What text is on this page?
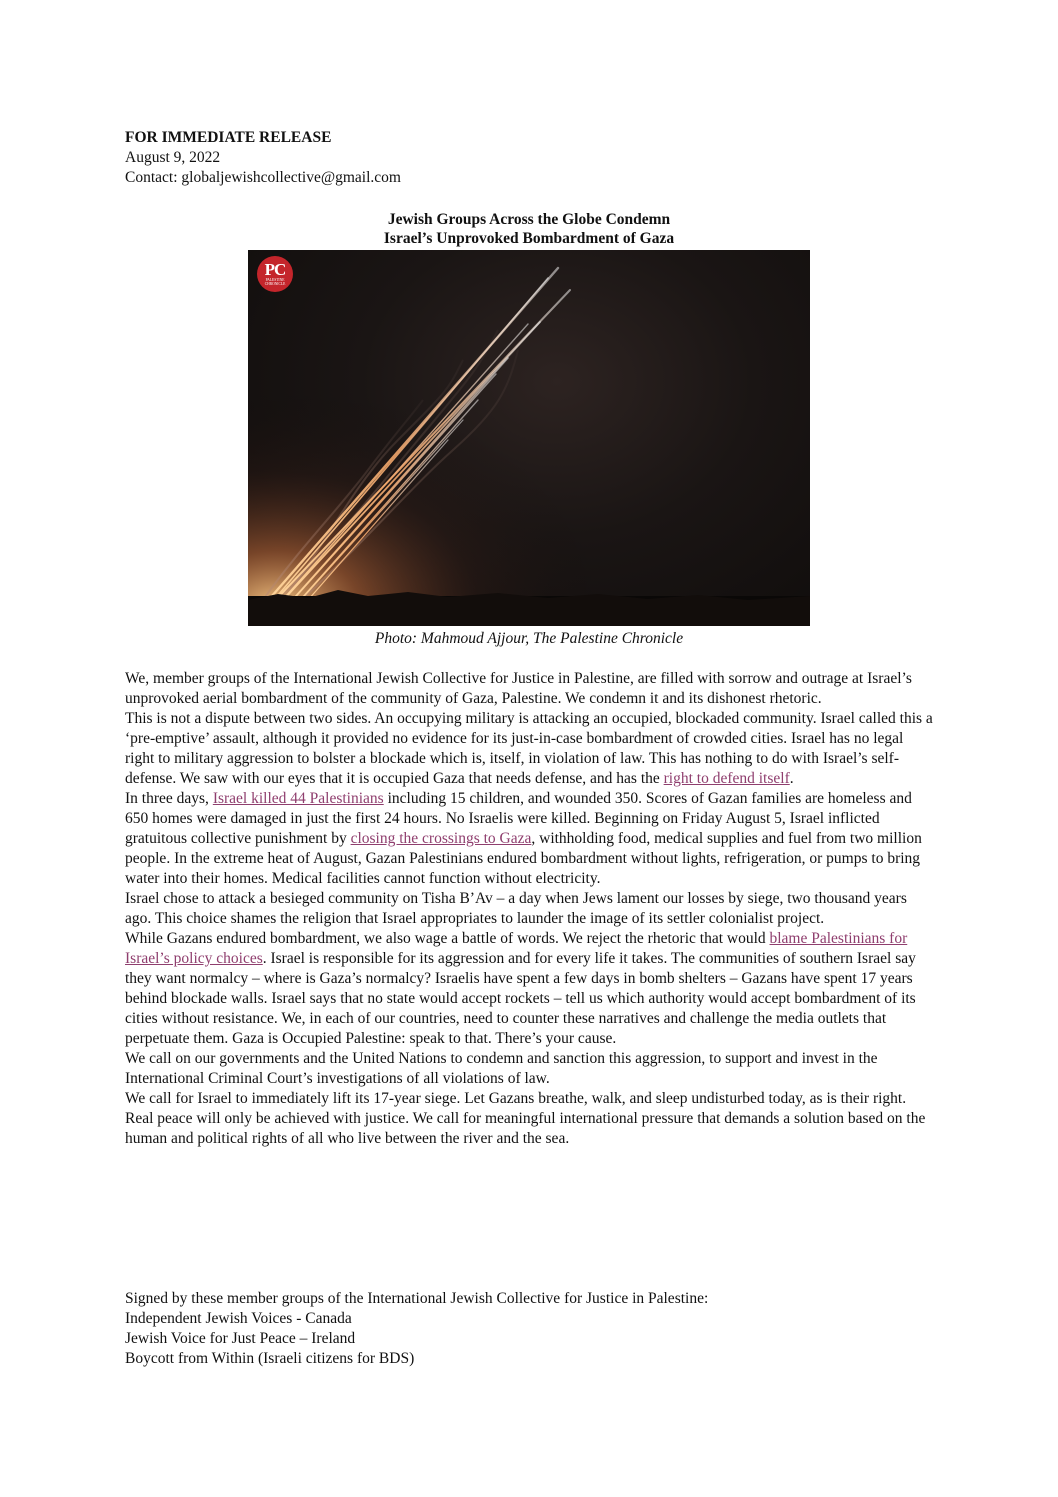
FOR IMMEDIATE RELEASE
August 9, 2022
Contact: globaljewishcollective@gmail.com
Jewish Groups Across the Globe Condemn
Israel’s Unprovoked Bombardment of Gaza
PC
PALESTINE CHRONICLE
Photo: Mahmoud Ajjour, The Palestine Chronicle

We, member groups of the International Jewish Collective for Justice in Palestine, are filled with sorrow and outrage at Israel’s unprovoked aerial bombardment of the community of Gaza, Palestine. We condemn it and its dishonest rhetoric.

This is not a dispute between two sides. An occupying military is attacking an occupied, blockaded community. Israel called this a ‘pre-emptive’ assault, although it provided no evidence for its just-in-case bombardment of crowded cities. Israel has no legal right to military aggression to bolster a blockade which is, itself, in violation of law. This has nothing to do with Israel’s self-defense. We saw with our eyes that it is occupied Gaza that needs defense, and has the right to defend itself.

In three days, Israel killed 44 Palestinians including 15 children, and wounded 350. Scores of Gazan families are homeless and 650 homes were damaged in just the first 24 hours. No Israelis were killed. Beginning on Friday August 5, Israel inflicted gratuitous collective punishment by closing the crossings to Gaza, withholding food, medical supplies and fuel from two million people. In the extreme heat of August, Gazan Palestinians endured bombardment without lights, refrigeration, or pumps to bring water into their homes. Medical facilities cannot function without electricity.

Israel chose to attack a besieged community on Tisha B’Av – a day when Jews lament our losses by siege, two thousand years ago. This choice shames the religion that Israel appropriates to launder the image of its settler colonialist project.

While Gazans endured bombardment, we also wage a battle of words. We reject the rhetoric that would blame Palestinians for Israel’s policy choices. Israel is responsible for its aggression and for every life it takes. The communities of southern Israel say they want normalcy – where is Gaza’s normalcy? Israelis have spent a few days in bomb shelters – Gazans have spent 17 years behind blockade walls. Israel says that no state would accept rockets – tell us which authority would accept bombardment of its cities without resistance. We, in each of our countries, need to counter these narratives and challenge the media outlets that perpetuate them. Gaza is Occupied Palestine: speak to that. There’s your cause.

We call on our governments and the United Nations to condemn and sanction this aggression, to support and invest in the International Criminal Court’s investigations of all violations of law.

We call for Israel to immediately lift its 17-year siege. Let Gazans breathe, walk, and sleep undisturbed today, as is their right. Real peace will only be achieved with justice. We call for meaningful international pressure that demands a solution based on the human and political rights of all who live between the river and the sea.

Signed by these member groups of the International Jewish Collective for Justice in Palestine:

Independent Jewish Voices - Canada

Jewish Voice for Just Peace – Ireland

Boycott from Within (Israeli citizens for BDS)
